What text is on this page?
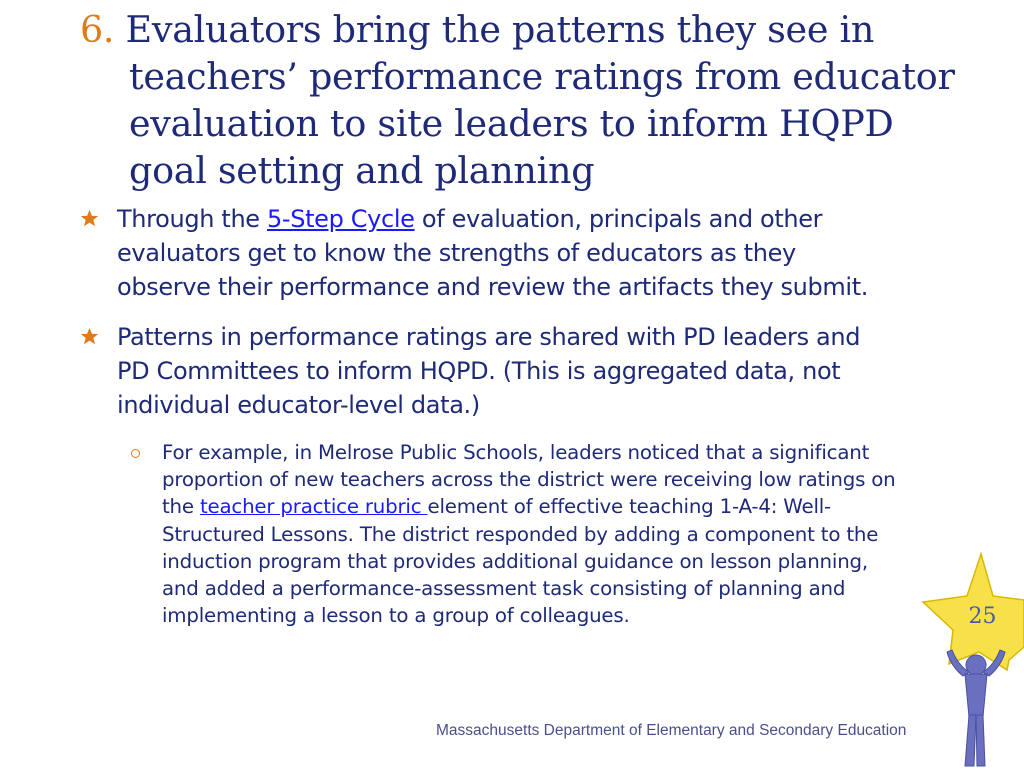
6. Evaluators bring the patterns they see in
teachers’ performance ratings from educator
evaluation to site leaders to inform HQPD
goal setting and planning
Through the 5-Step Cycle of evaluation, principals and other
evaluators get to know the strengths of educators as they
observe their performance and review the artifacts they submit.
Patterns in performance ratings are shared with PD leaders and
PD Committees to inform HQPD. (This is aggregated data, not
individual educator-level data.)
For example, in Melrose Public Schools, leaders noticed that a significant
proportion of new teachers across the district were receiving low ratings on
the teacher practice rubric element of effective teaching 1-A-4: Well-
Structured Lessons. The district responded by adding a component to the
induction program that provides additional guidance on lesson planning,
and added a performance-assessment task consisting of planning and
implementing a lesson to a group of colleagues.
Massachusetts Department of Elementary and Secondary Education
25
